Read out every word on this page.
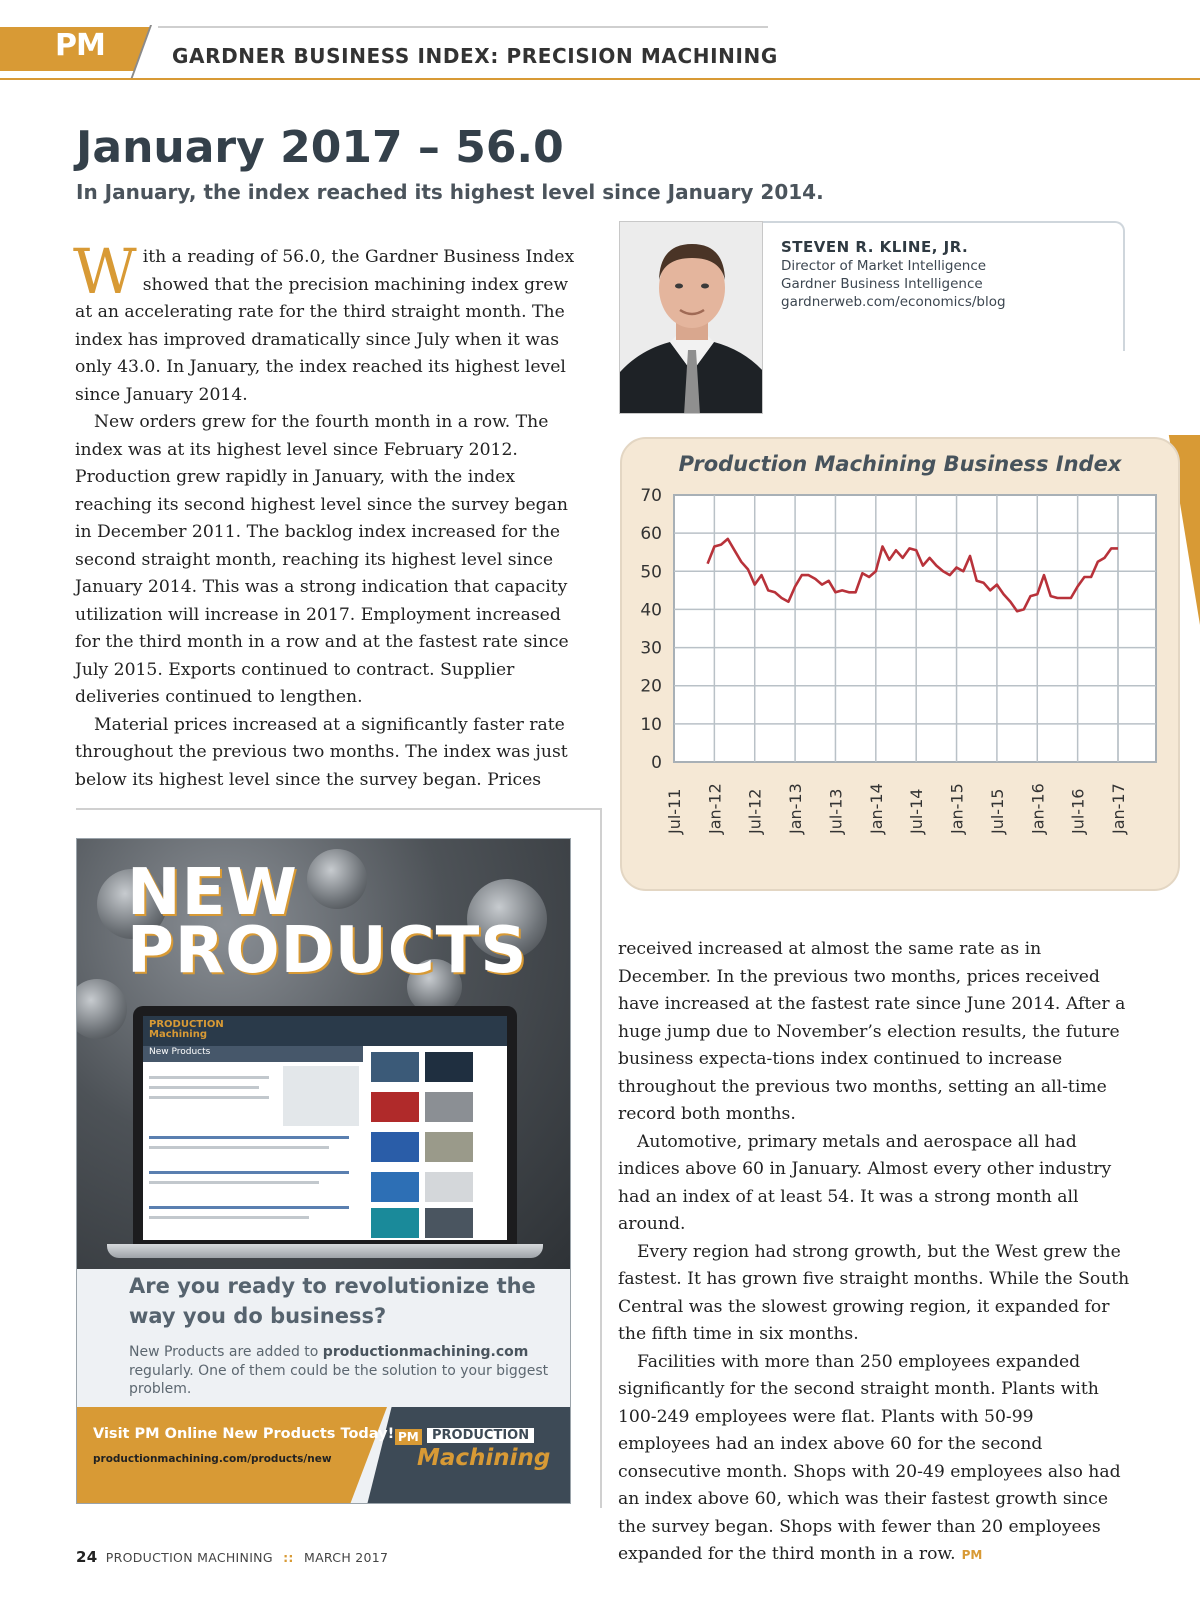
PM	GARDNER BUSINESS INDEX: PRECISION MACHINING
January 2017 – 56.0
In January, the index reached its highest level since January 2014.

With a reading of 56.0, the Gardner Business Index showed that the precision machining index grew at an accelerating rate for the third straight month. The index has improved dramatically since July when it was only 43.0. In January, the index reached its highest level since January 2014.

New orders grew for the fourth month in a row. The index was at its highest level since February 2012. Production grew rapidly in January, with the index reaching its second highest level since the survey began in December 2011. The backlog index increased for the second straight month, reaching its highest level since January 2014. This was a strong indication that capacity utilization will increase in 2017. Employment increased for the third month in a row and at the fastest rate since July 2015. Exports continued to contract. Supplier deliveries continued to lengthen.

Material prices increased at a significantly faster rate throughout the previous two months. The index was just below its highest level since the survey began. Prices

STEVEN R. KLINE, JR.
Director of Market Intelligence
Gardner Business Intelligence
gardnerweb.com/economics/blog
Production Machining Business Index
0
10
20
30
40
50
60
70
Jul-11 Jan-12 Jul-12 Jan-13 Jul-13 Jan-14 Jul-14 Jan-15 Jul-15 Jan-16 Jul-16 Jan-17
NEW
PRODUCTS
PRODUCTION
Machining
New Products
Are you ready to revolutionize the way you do business?
New Products are added to productionmachining.com regularly. One of them could be the solution to your biggest problem.
Visit PM Online New Products Today!
productionmachining.com/products/new
PM	PRODUCTION
Machining

received increased at almost the same rate as in December. In the previous two months, prices received have increased at the fastest rate since June 2014. After a huge jump due to November’s election results, the future business expecta-tions index continued to increase throughout the previous two months, setting an all-time record both months.

Automotive, primary metals and aerospace all had indices above 60 in January. Almost every other industry had an index of at least 54. It was a strong month all around.

Every region had strong growth, but the West grew the fastest. It has grown five straight months. While the South Central was the slowest growing region, it expanded for the fifth time in six months.

Facilities with more than 250 employees expanded significantly for the second straight month. Plants with 100-249 employees were flat. Plants with 50-99 employees had an index above 60 for the second consecutive month. Shops with 20-49 employees also had an index above 60, which was their fastest growth since the survey began. Shops with fewer than 20 employees expanded for the third month in a row. PM

24 PRODUCTION MACHINING :: MARCH 2017
